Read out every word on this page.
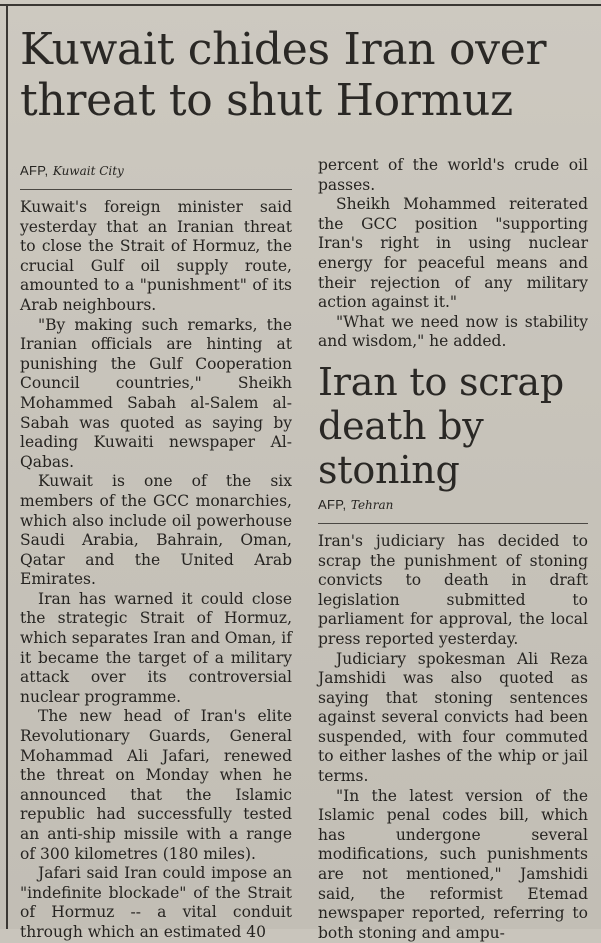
Kuwait chides Iran over threat to shut Hormuz
AFP, Kuwait City

Kuwait's foreign minister said yesterday that an Iranian threat to close the Strait of Hormuz, the crucial Gulf oil supply route, amounted to a "punishment" of its Arab neighbours.

"By making such remarks, the Iranian officials are hinting at punishing the Gulf Cooperation Council countries," Sheikh Mohammed Sabah al-Salem al-Sabah was quoted as saying by leading Kuwaiti newspaper Al-Qabas.

Kuwait is one of the six members of the GCC monarchies, which also include oil powerhouse Saudi Arabia, Bahrain, Oman, Qatar and the United Arab Emirates.

Iran has warned it could close the strategic Strait of Hormuz, which separates Iran and Oman, if it became the target of a military attack over its controversial nuclear programme.

The new head of Iran's elite Revolutionary Guards, General Mohammad Ali Jafari, renewed the threat on Monday when he announced that the Islamic republic had successfully tested an anti-ship missile with a range of 300 kilometres (180 miles).

Jafari said Iran could impose an "indefinite blockade" of the Strait of Hormuz -- a vital conduit through which an estimated 40

percent of the world's crude oil passes.

Sheikh Mohammed reiterated the GCC position "supporting Iran's right in using nuclear energy for peaceful means and their rejection of any military action against it."

"What we need now is stability and wisdom," he added.

Iran to scrap death by stoning
AFP, Tehran

Iran's judiciary has decided to scrap the punishment of stoning convicts to death in draft legislation submitted to parliament for approval, the local press reported yesterday.

Judiciary spokesman Ali Reza Jamshidi was also quoted as saying that stoning sentences against several convicts had been suspended, with four commuted to either lashes of the whip or jail terms.

"In the latest version of the Islamic penal codes bill, which has undergone several modifications, such punishments are not mentioned," Jamshidi said, the reformist Etemad newspaper reported, referring to both stoning and ampu-
